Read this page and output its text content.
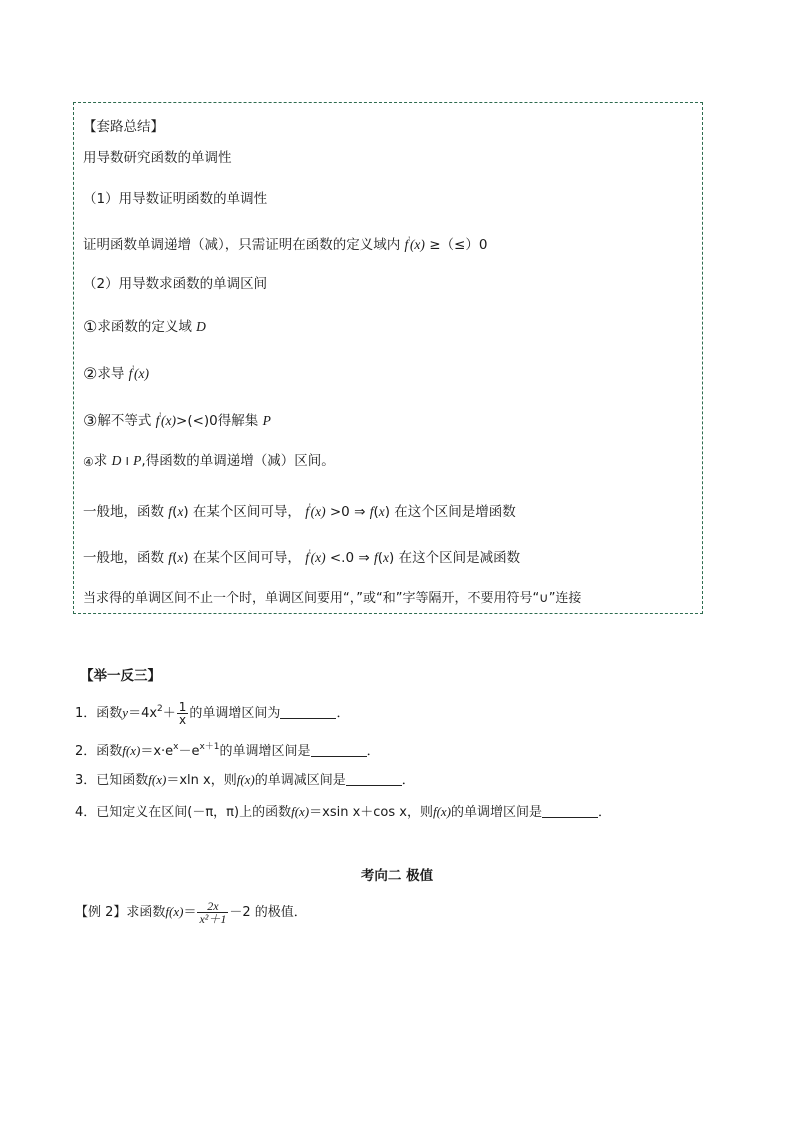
【套路总结】
用导数研究函数的单调性
（1）用导数证明函数的单调性
证明函数单调递增（减），只需证明在函数的定义域内 f'(x) ≥（≤）0
（2）用导数求函数的单调区间
①求函数的定义域 D
②求导 f'(x)
③解不等式 f'(x)>(<)0得解集 P
④求 D I P,得函数的单调递增（减）区间。
一般地，函数 f(x) 在某个区间可导， f'(x) >0 ⇒ f(x) 在这个区间是增函数
一般地，函数 f(x) 在某个区间可导， f'(x) <.0 ⇒ f(x) 在这个区间是减函数
当求得的单调区间不止一个时，单调区间要用“，”或“和”字等隔开，不要用符号“∪”连接
【举一反三】
1．函数$y=4x^2+ \frac{1}{x}$ 的单调增区间为	．
2．函数$f(x)=x\cdot e^x-e^{x+1}$的单调增区间是	．
3．已知函数f(x)＝xln x，则f(x)的单调减区间是	．
4．已知定义在区间(－π，π)上的函数f(x)＝xsin x＋cos x，则f(x)的单调增区间是	．
考向二 极值
【例 2】求函数$f(x)= \frac{2x}{\text{x²＋1}} -2$ 的极值．
